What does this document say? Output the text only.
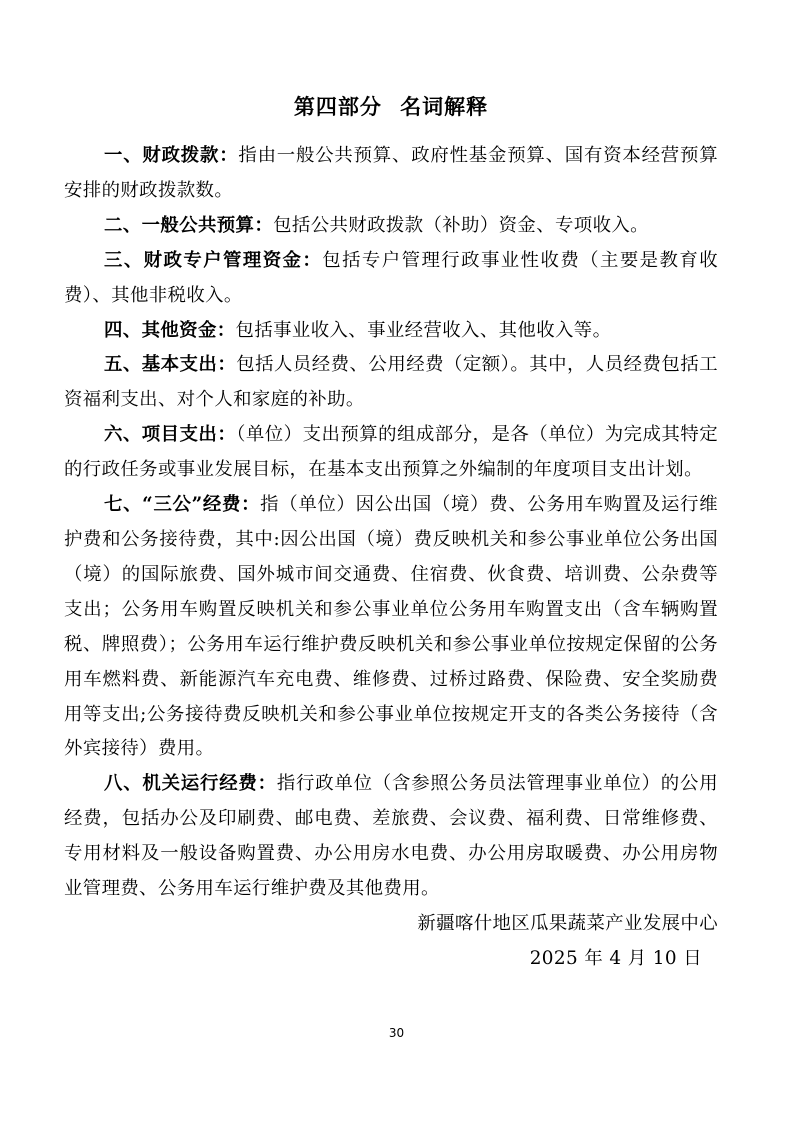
第四部分 名词解释

一、财政拨款：指由一般公共预算、政府性基金预算、国有资本经营预算安排的财政拨款数。

二、一般公共预算：包括公共财政拨款（补助）资金、专项收入。

三、财政专户管理资金：包括专户管理行政事业性收费（主要是教育收费）、其他非税收入。

四、其他资金：包括事业收入、事业经营收入、其他收入等。

五、基本支出：包括人员经费、公用经费（定额）。其中，人员经费包括工资福利支出、对个人和家庭的补助。

六、项目支出：（单位）支出预算的组成部分，是各（单位）为完成其特定的行政任务或事业发展目标，在基本支出预算之外编制的年度项目支出计划。

七、“三公”经费：指（单位）因公出国（境）费、公务用车购置及运行维护费和公务接待费，其中:因公出国（境）费反映机关和参公事业单位公务出国（境）的国际旅费、国外城市间交通费、住宿费、伙食费、培训费、公杂费等支出；公务用车购置反映机关和参公事业单位公务用车购置支出（含车辆购置税、牌照费）；公务用车运行维护费反映机关和参公事业单位按规定保留的公务用车燃料费、新能源汽车充电费、维修费、过桥过路费、保险费、安全奖励费用等支出;公务接待费反映机关和参公事业单位按规定开支的各类公务接待（含外宾接待）费用。

八、机关运行经费：指行政单位（含参照公务员法管理事业单位）的公用经费，包括办公及印刷费、邮电费、差旅费、会议费、福利费、日常维修费、专用材料及一般设备购置费、办公用房水电费、办公用房取暖费、办公用房物业管理费、公务用车运行维护费及其他费用。

新疆喀什地区瓜果蔬菜产业发展中心

2025 年 4 月 10 日

30
